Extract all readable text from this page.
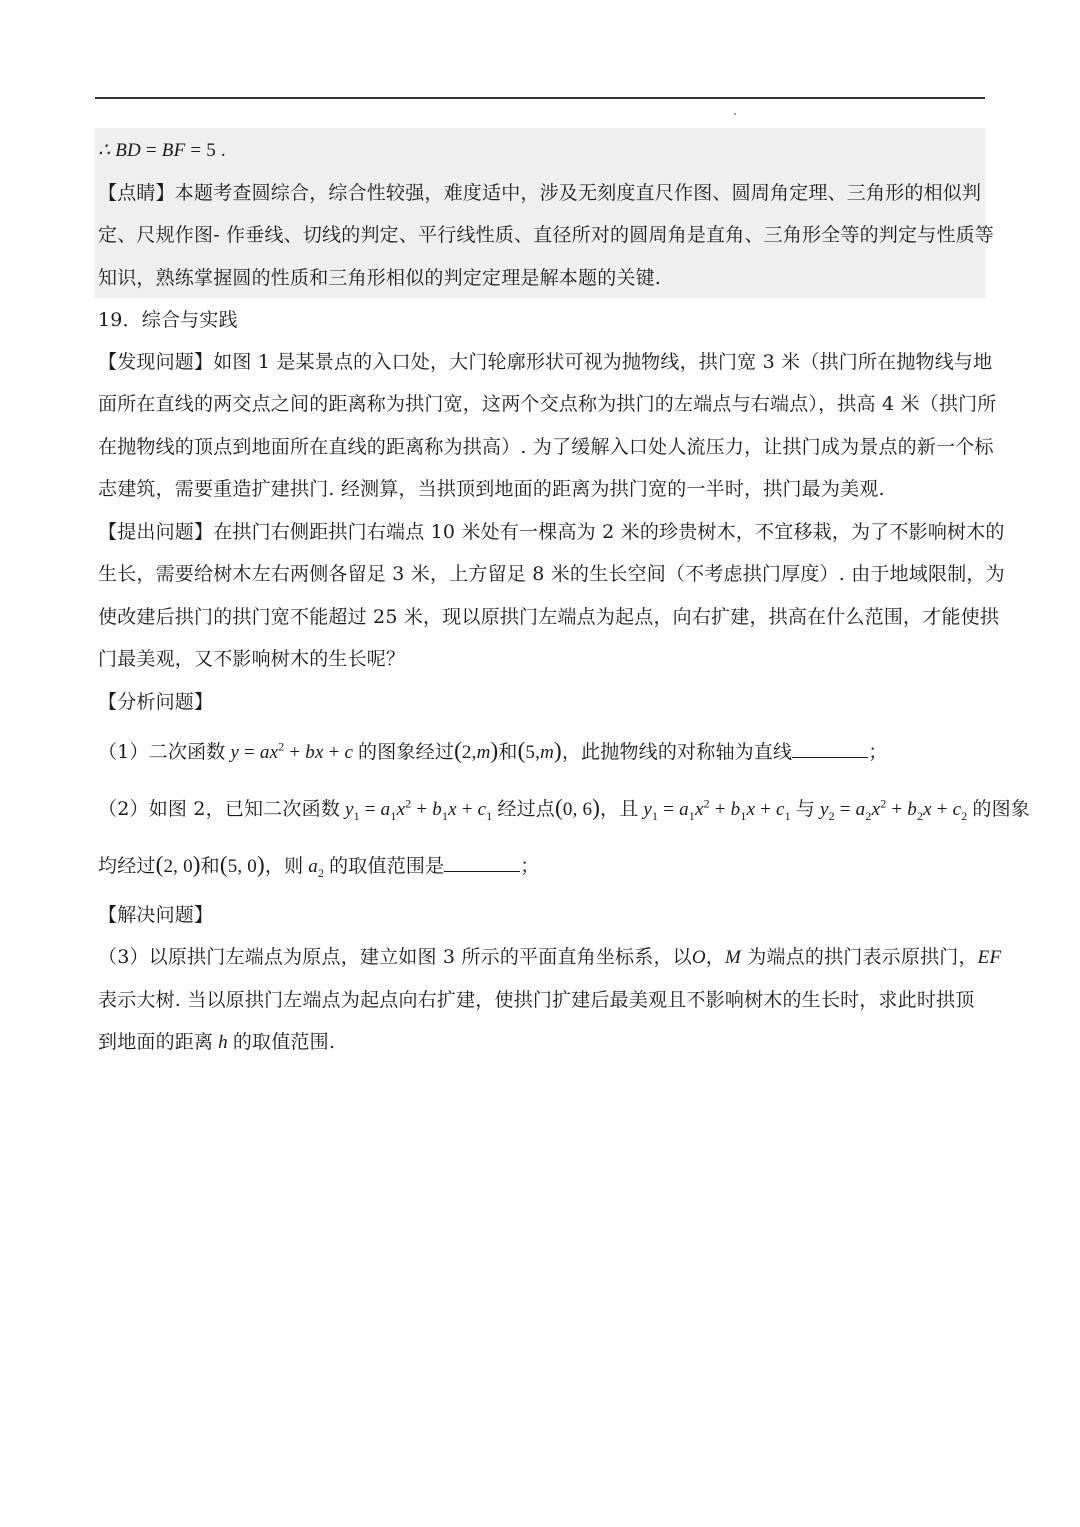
∴ BD = BF = 5 .
【点睛】本题考查圆综合，综合性较强，难度适中，涉及无刻度直尺作图、圆周角定理、三角形的相似判
定、尺规作图- 作垂线、切线的判定、平行线性质、直径所对的圆周角是直角、三角形全等的判定与性质等
知识，熟练掌握圆的性质和三角形相似的判定定理是解本题的关键.
19．综合与实践
【发现问题】如图 1 是某景点的入口处，大门轮廓形状可视为抛物线，拱门宽 3 米（拱门所在抛物线与地
面所在直线的两交点之间的距离称为拱门宽，这两个交点称为拱门的左端点与右端点），拱高 4 米（拱门所
在抛物线的顶点到地面所在直线的距离称为拱高）. 为了缓解入口处人流压力，让拱门成为景点的新一个标
志建筑，需要重造扩建拱门. 经测算，当拱顶到地面的距离为拱门宽的一半时，拱门最为美观.
【提出问题】在拱门右侧距拱门右端点 10 米处有一棵高为 2 米的珍贵树木，不宜移栽，为了不影响树木的
生长，需要给树木左右两侧各留足 3 米，上方留足 8 米的生长空间（不考虑拱门厚度）. 由于地域限制，为
使改建后拱门的拱门宽不能超过 25 米，现以原拱门左端点为起点，向右扩建，拱高在什么范围，才能使拱
门最美观，又不影响树木的生长呢？
【分析问题】
（1）二次函数 $y = ax^2$ + bx + c 的图象经过(2,m)和(5,m)，此抛物线的对称轴为直线	；
（2）如图 2，已知二次函数 $y_1 = a_1x^2 + b_1x + c_1$ 经过点(0, 6)，且 $y_1 = a_1x^2 + b_1x + c_1$ 与 $y_2 = a_2x^2 + b_2x + c_2$ 的图象
均经过(2, 0)和(5, 0)，则 $a_2$ 的取值范围是	；
【解决问题】
（3）以原拱门左端点为原点，建立如图 3 所示的平面直角坐标系，以O，M 为端点的拱门表示原拱门，EF
表示大树. 当以原拱门左端点为起点向右扩建，使拱门扩建后最美观且不影响树木的生长时，求此时拱顶
到地面的距离 h 的取值范围.
